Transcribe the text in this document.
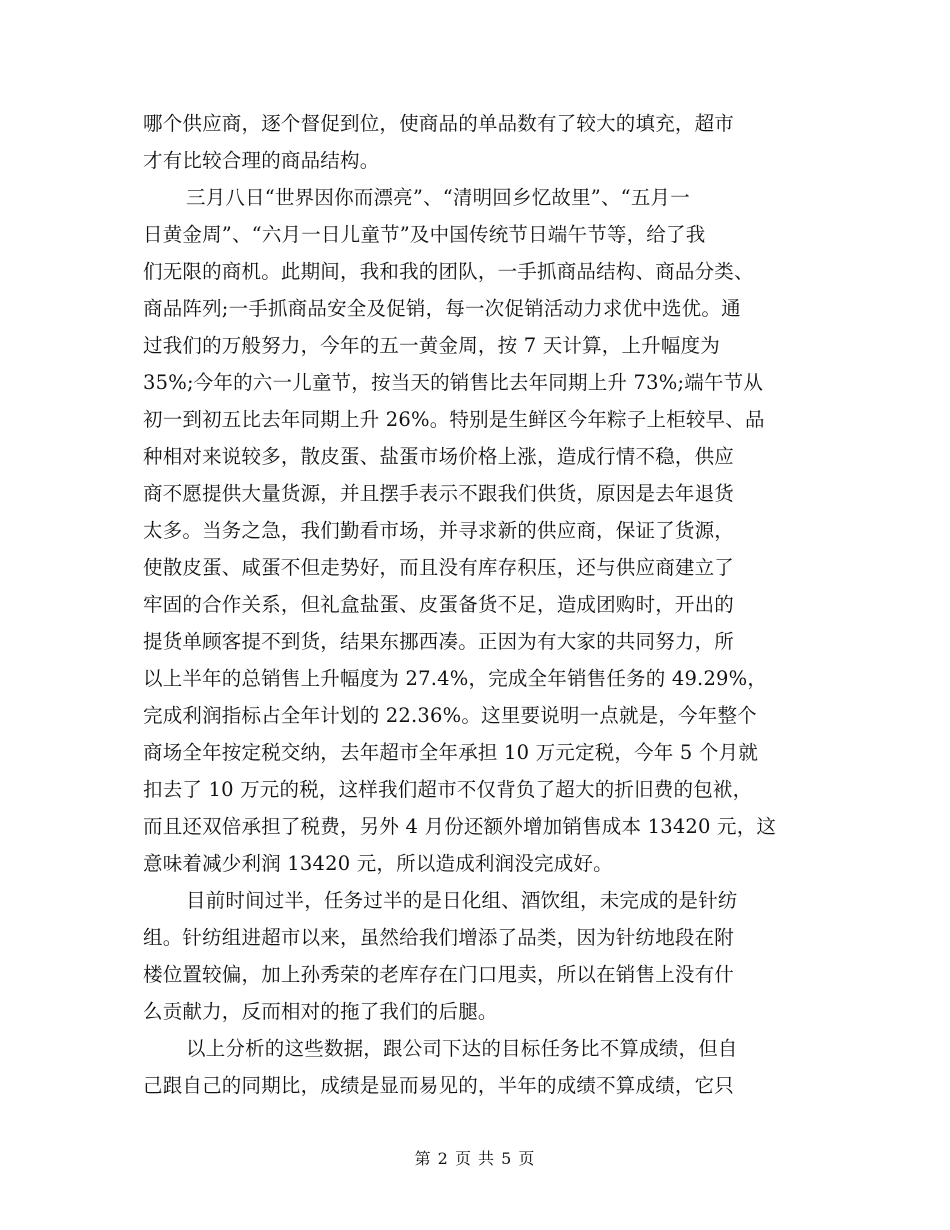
哪个供应商，逐个督促到位，使商品的单品数有了较大的填充，超市
才有比较合理的商品结构。
三月八日“世界因你而漂亮”、“清明回乡忆故里”、“五月一
日黄金周”、“六月一日儿童节”及中国传统节日端午节等，给了我
们无限的商机。此期间，我和我的团队，一手抓商品结构、商品分类、
商品阵列;一手抓商品安全及促销，每一次促销活动力求优中选优。通
过我们的万般努力，今年的五一黄金周，按 7 天计算，上升幅度为
35%;今年的六一儿童节，按当天的销售比去年同期上升 73%;端午节从
初一到初五比去年同期上升 26%。特别是生鲜区今年粽子上柜较早、品
种相对来说较多，散皮蛋、盐蛋市场价格上涨，造成行情不稳，供应
商不愿提供大量货源，并且摆手表示不跟我们供货，原因是去年退货
太多。当务之急，我们勤看市场，并寻求新的供应商，保证了货源，
使散皮蛋、咸蛋不但走势好，而且没有库存积压，还与供应商建立了
牢固的合作关系，但礼盒盐蛋、皮蛋备货不足，造成团购时，开出的
提货单顾客提不到货，结果东挪西凑。正因为有大家的共同努力，所
以上半年的总销售上升幅度为 27.4%，完成全年销售任务的 49.29%，
完成利润指标占全年计划的 22.36%。这里要说明一点就是，今年整个
商场全年按定税交纳，去年超市全年承担 10 万元定税，今年 5 个月就
扣去了 10 万元的税，这样我们超市不仅背负了超大的折旧费的包袱，
而且还双倍承担了税费，另外 4 月份还额外增加销售成本 13420 元，这
意味着减少利润 13420 元，所以造成利润没完成好。
目前时间过半，任务过半的是日化组、酒饮组，未完成的是针纺
组。针纺组进超市以来，虽然给我们增添了品类，因为针纺地段在附
楼位置较偏，加上孙秀荣的老库存在门口甩卖，所以在销售上没有什
么贡献力，反而相对的拖了我们的后腿。
以上分析的这些数据，跟公司下达的目标任务比不算成绩，但自
己跟自己的同期比，成绩是显而易见的，半年的成绩不算成绩，它只
第 2 页 共 5 页
